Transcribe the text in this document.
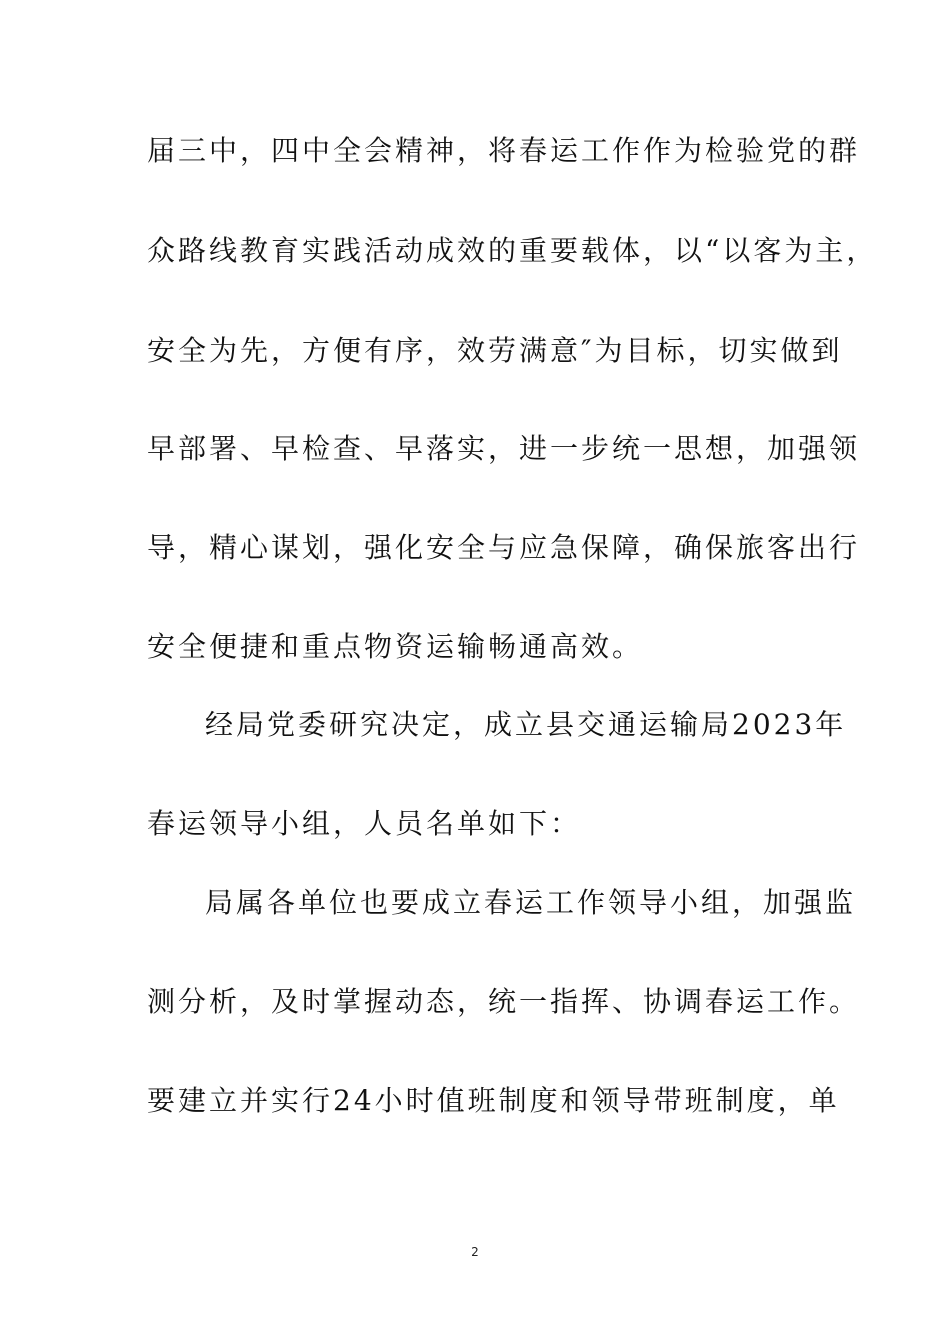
届三中，四中全会精神，将春运工作作为检验党的群
众路线教育实践活动成效的重要载体，以“以客为主，
安全为先，方便有序，效劳满意″为目标，切实做到
早部署、早检查、早落实，进一步统一思想，加强领
导，精心谋划，强化安全与应急保障，确保旅客出行
安全便捷和重点物资运输畅通高效。
经局党委研究决定，成立县交通运输局2023年
春运领导小组，人员名单如下：
局属各单位也要成立春运工作领导小组，加强监
测分析，及时掌握动态，统一指挥、协调春运工作。
要建立并实行24小时值班制度和领导带班制度，单
2
